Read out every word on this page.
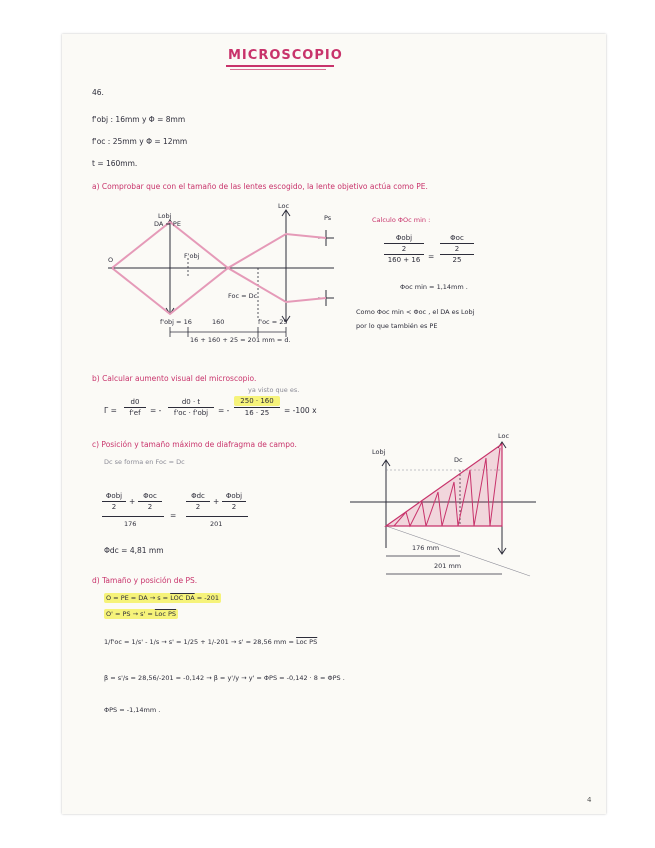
MICROSCOPIO
46.
f'obj : 16mm y Φ = 8mm
f'oc : 25mm y Φ = 12mm
t = 160mm.
a) Comprobar que con el tamaño de las lentes escogido, la lente objetivo actúa como PE.
Lobj
DA = PE
Loc
Ps
O	F'obj
Foc = Dc
f'obj = 16	160	f'oc = 25
16 + 160 + 25 = 201 mm = d.
Calculo ΦOc min :
Φobj
2
160 + 16	=
Φoc
2
25
Φoc min = 1,14mm .
Como Φoc min < Φoc , el DA es Lobj
por lo que también es PE
b) Calcular aumento visual del microscopio.
ya visto que es.
Γ =
d0
f'ef	= -
d0 · t
f'oc · f'obj	= -
250 · 160
16 · 25	= -100 x
c) Posición y tamaño máximo de diafragma de campo.
Dc se forma en Foc = Dc
Φobj
2
+
Φoc
2
176
=
Φdc
2
+
Φobj
2
201
Φdc = 4,81 mm
Lobj
Loc
Dc
176 mm
201 mm
d) Tamaño y posición de PS.
O = PE = DA → s = LOC DA = -201
O' = PS → s' = Loc PS
1/f'oc = 1/s' - 1/s → s' = 1/25 + 1/-201 → s' = 28,56 mm = Loc PS
β = s'/s = 28,56/-201 = -0,142 → β = y'/y → y' = ΦPS = -0,142 · 8 = ΦPS .
ΦPS = -1,14mm .
4
